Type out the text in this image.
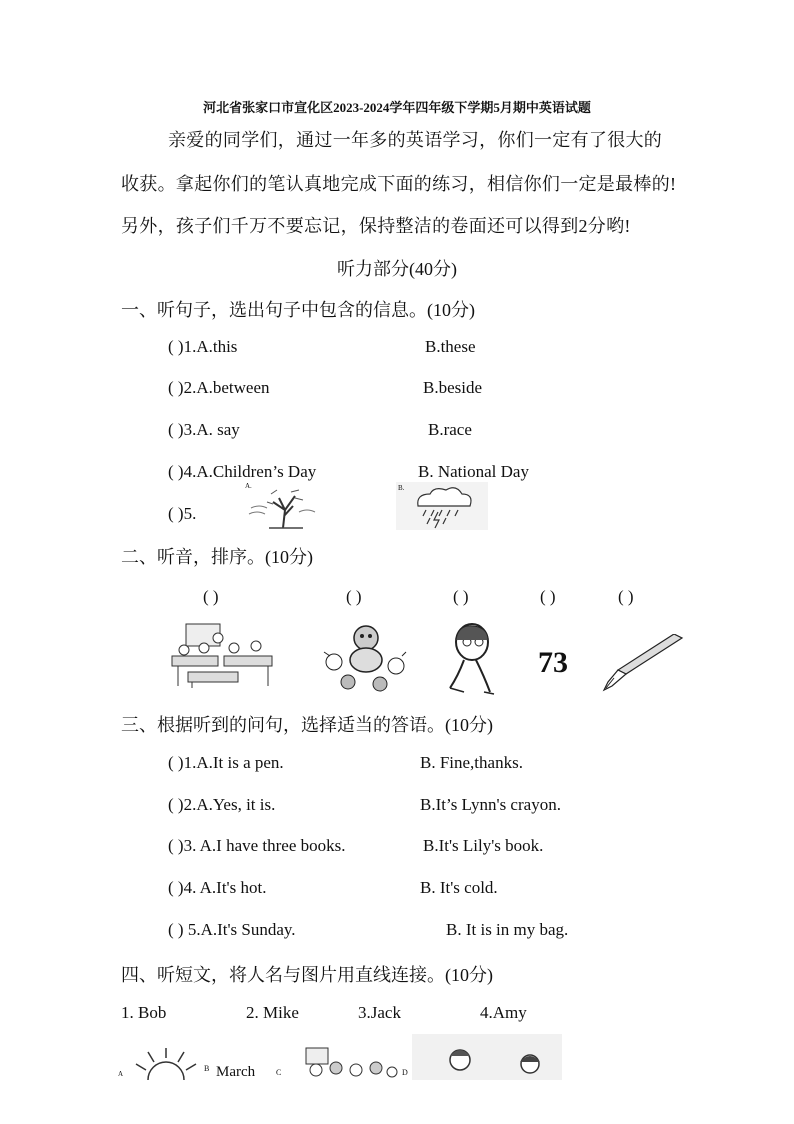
河北省张家口市宣化区2023-2024学年四年级下学期5月期中英语试题
亲爱的同学们，通过一年多的英语学习，你们一定有了很大的
收获。拿起你们的笔认真地完成下面的练习，相信你们一定是最棒的!
另外，孩子们千万不要忘记，保持整洁的卷面还可以得到2分哟!
听力部分(40分)
一、听句子，选出句子中包含的信息。(10分)
( )1.A.this	B.these
( )2.A.between	B.beside
( )3.A. say	B.race
( )4.A.Children’s Day	B. National Day
( )5.
A.	B.
二、听音，排序。(10分)
( )	( )	( )	( )	( )
73
三、根据听到的问句，选择适当的答语。(10分)
( )1.A.It is a pen.	B. Fine,thanks.
( )2.A.Yes, it is.	B.It’s Lynn's crayon.
( )3. A.I have three books.	B.It's Lily's book.
( )4. A.It's hot.	B. It's cold.
( ) 5.A.It's Sunday.	B. It is in my bag.
四、听短文，将人名与图片用直线连接。(10分)
1. Bob	2. Mike	3.Jack	4.Amy
A
B March	C	D
